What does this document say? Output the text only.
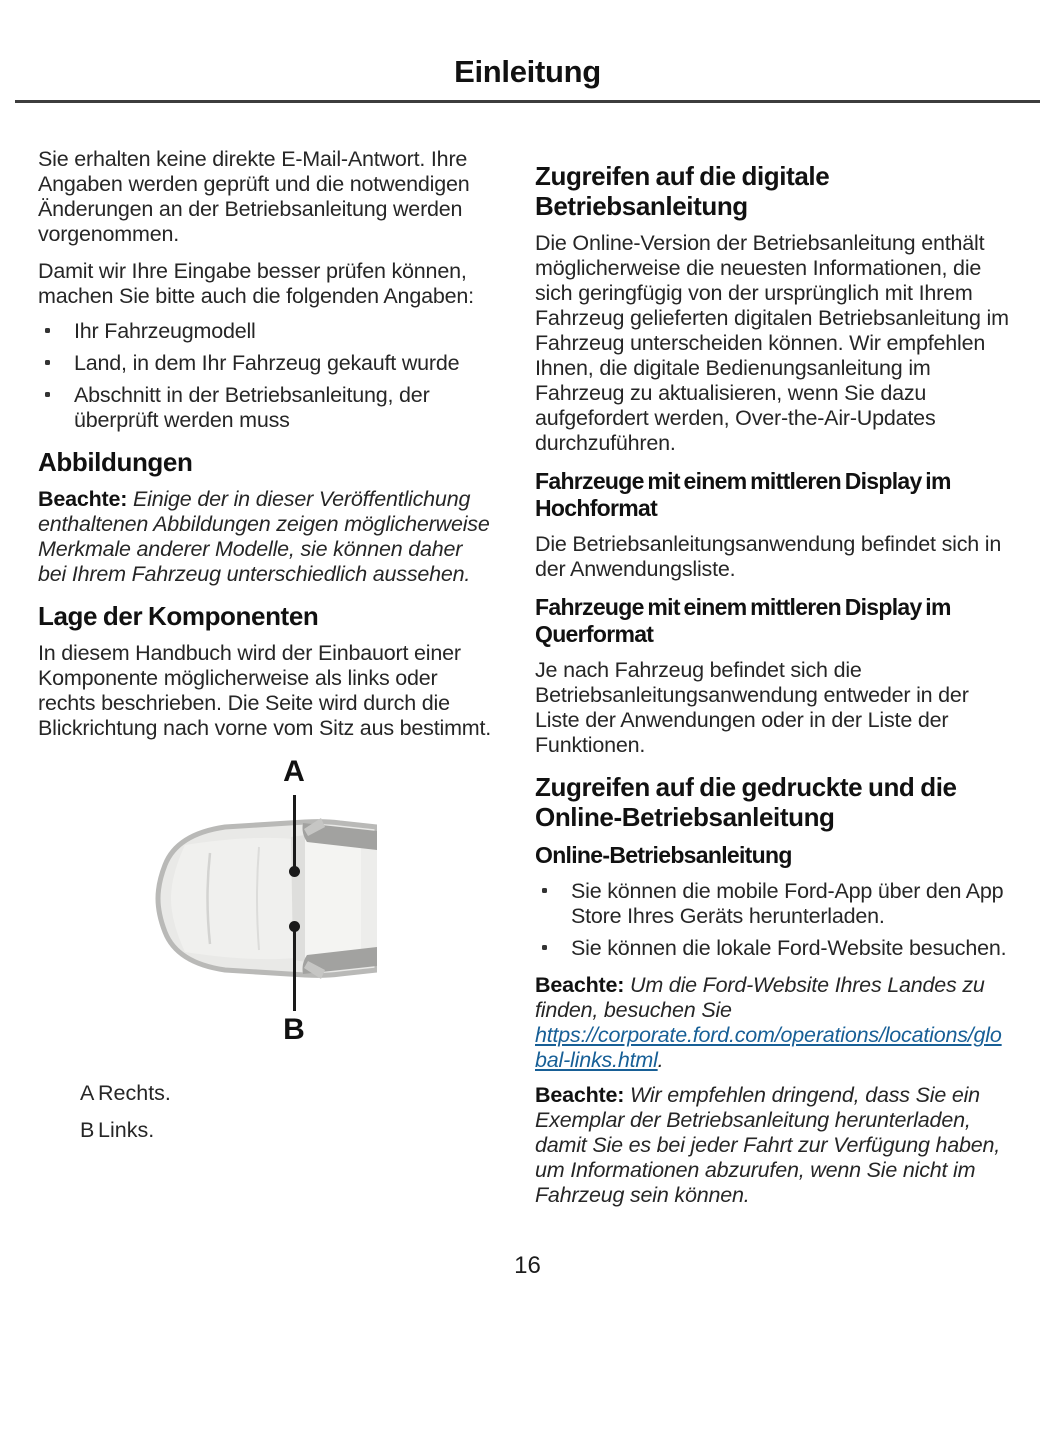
Einleitung

Sie erhalten keine direkte E-Mail-Antwort. Ihre Angaben werden geprüft und die notwendigen Änderungen an der Betriebsanleitung werden vorgenommen.

Damit wir Ihre Eingabe besser prüfen können, machen Sie bitte auch die folgenden Angaben:

Ihr Fahrzeugmodell
Land, in dem Ihr Fahrzeug gekauft wurde
Abschnitt in der Betriebsanleitung, der überprüft werden muss
Abbildungen

Beachte: Einige der in dieser Veröffentlichung enthaltenen Abbildungen zeigen möglicherweise Merkmale anderer Modelle, sie können daher bei Ihrem Fahrzeug unterschiedlich aussehen.

Lage der Komponenten

In diesem Handbuch wird der Einbauort einer Komponente möglicherweise als links oder rechts beschrieben. Die Seite wird durch die Blickrichtung nach vorne vom Sitz aus bestimmt.

A
B
A Rechts.
B Links.
Zugreifen auf die digitale Betriebsanleitung

Die Online-Version der Betriebsanleitung enthält möglicherweise die neuesten Informationen, die sich geringfügig von der ursprünglich mit Ihrem Fahrzeug gelieferten digitalen Betriebsanleitung im Fahrzeug unterscheiden können. Wir empfehlen Ihnen, die digitale Bedienungsanleitung im Fahrzeug zu aktualisieren, wenn Sie dazu aufgefordert werden, Over-the-Air-Updates durchzuführen.

Fahrzeuge mit einem mittleren Display im Hochformat

Die Betriebsanleitungsanwendung befindet sich in der Anwendungsliste.

Fahrzeuge mit einem mittleren Display im Querformat

Je nach Fahrzeug befindet sich die Betriebsanleitungsanwendung entweder in der Liste der Anwendungen oder in der Liste der Funktionen.

Zugreifen auf die gedruckte und die Online-Betriebsanleitung
Online-Betriebsanleitung
Sie können die mobile Ford-App über den App Store Ihres Geräts herunterladen.
Sie können die lokale Ford-Website besuchen.

Beachte: Um die Ford-Website Ihres Landes zu finden, besuchen Sie https://corporate.ford.com/operations/locations/global-links.html.

Beachte: Wir empfehlen dringend, dass Sie ein Exemplar der Betriebsanleitung herunterladen, damit Sie es bei jeder Fahrt zur Verfügung haben, um Informationen abzurufen, wenn Sie nicht im Fahrzeug sein können.

16
